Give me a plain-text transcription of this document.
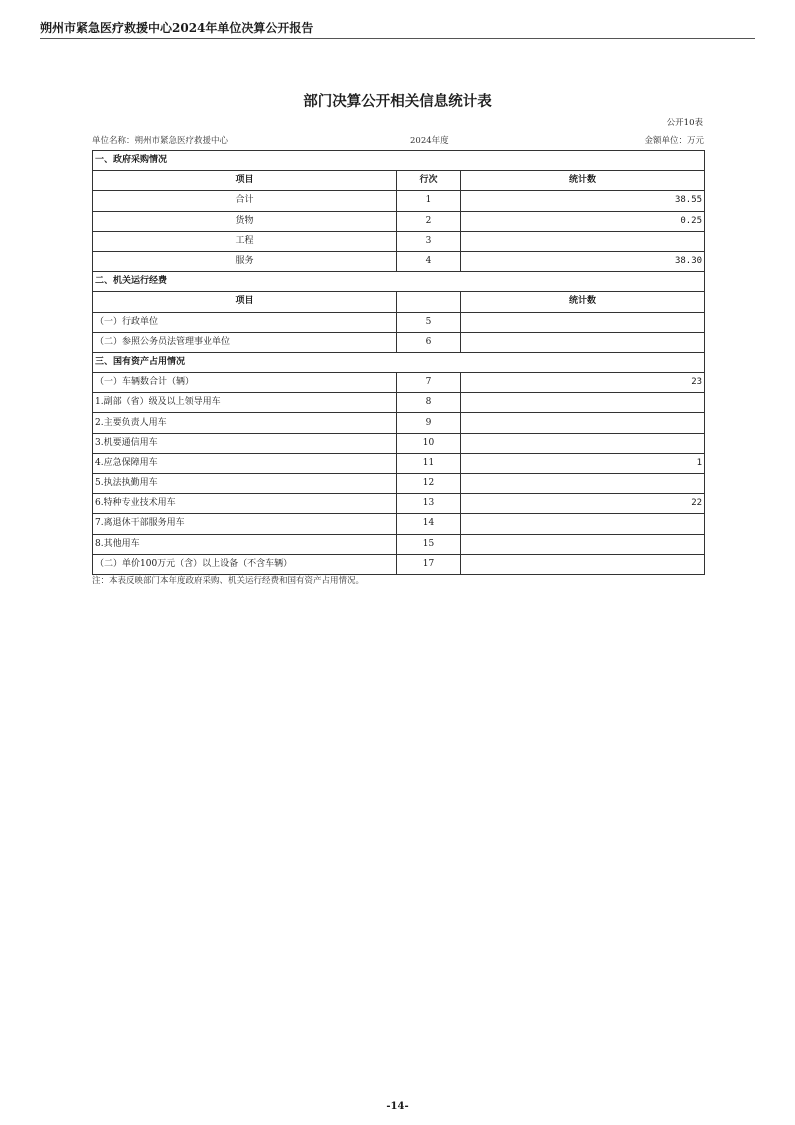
朔州市紧急医疗救援中心2024年单位决算公开报告
部门决算公开相关信息统计表
公开10表
单位名称：朔州市紧急医疗救援中心	2024年度	金额单位：万元
一、政府采购情况		
项目	行次	统计数
合计	1	38.55
货物	2	0.25
工程	3	
服务	4	38.30
二、机关运行经费		
项目		统计数
（一）行政单位	5	
（二）参照公务员法管理事业单位	6	
三、国有资产占用情况		
（一）车辆数合计（辆）	7	23
1.副部（省）级及以上领导用车	8	
2.主要负责人用车	9	
3.机要通信用车	10	
4.应急保障用车	11	1
5.执法执勤用车	12	
6.特种专业技术用车	13	22
7.离退休干部服务用车	14	
8.其他用车	15	
（二）单价100万元（含）以上设备（不含车辆）	17	
注：本表反映部门本年度政府采购、机关运行经费和国有资产占用情况。
-14-
